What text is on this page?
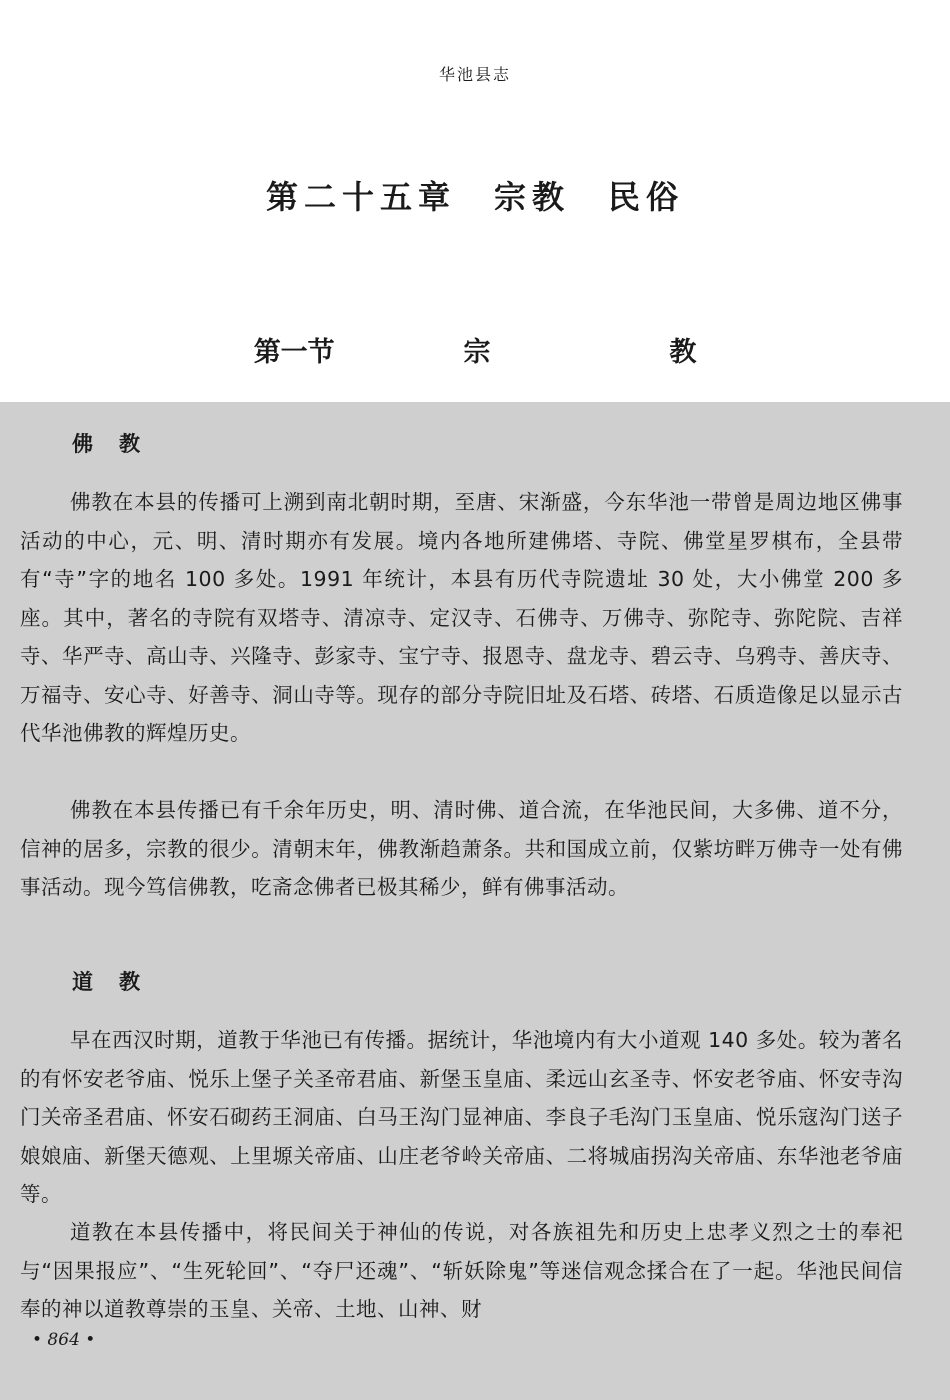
华池县志
第二十五章　宗教　民俗
第一节	宗	教
佛教

佛教在本县的传播可上溯到南北朝时期，至唐、宋渐盛，今东华池一带曾是周边地区佛事活动的中心，元、明、清时期亦有发展。境内各地所建佛塔、寺院、佛堂星罗棋布，全县带有“寺”字的地名 100 多处。1991 年统计，本县有历代寺院遗址 30 处，大小佛堂 200 多座。其中，著名的寺院有双塔寺、清凉寺、定汉寺、石佛寺、万佛寺、弥陀寺、弥陀院、吉祥寺、华严寺、高山寺、兴隆寺、彭家寺、宝宁寺、报恩寺、盘龙寺、碧云寺、乌鸦寺、善庆寺、万福寺、安心寺、好善寺、洞山寺等。现存的部分寺院旧址及石塔、砖塔、石质造像足以显示古代华池佛教的辉煌历史。

佛教在本县传播已有千余年历史，明、清时佛、道合流，在华池民间，大多佛、道不分，信神的居多，宗教的很少。清朝末年，佛教渐趋萧条。共和国成立前，仅紫坊畔万佛寺一处有佛事活动。现今笃信佛教，吃斋念佛者已极其稀少，鲜有佛事活动。

道教

早在西汉时期，道教于华池已有传播。据统计，华池境内有大小道观 140 多处。较为著名的有怀安老爷庙、悦乐上堡子关圣帝君庙、新堡玉皇庙、柔远山玄圣寺、怀安老爷庙、怀安寺沟门关帝圣君庙、怀安石砌药王洞庙、白马王沟门显神庙、李良子毛沟门玉皇庙、悦乐寇沟门送子娘娘庙、新堡天德观、上里塬关帝庙、山庄老爷岭关帝庙、二将城庙拐沟关帝庙、东华池老爷庙等。

道教在本县传播中，将民间关于神仙的传说，对各族祖先和历史上忠孝义烈之士的奉祀与“因果报应”、“生死轮回”、“夺尸还魂”、“斩妖除鬼”等迷信观念揉合在了一起。华池民间信奉的神以道教尊崇的玉皇、关帝、土地、山神、财

• 864 •
